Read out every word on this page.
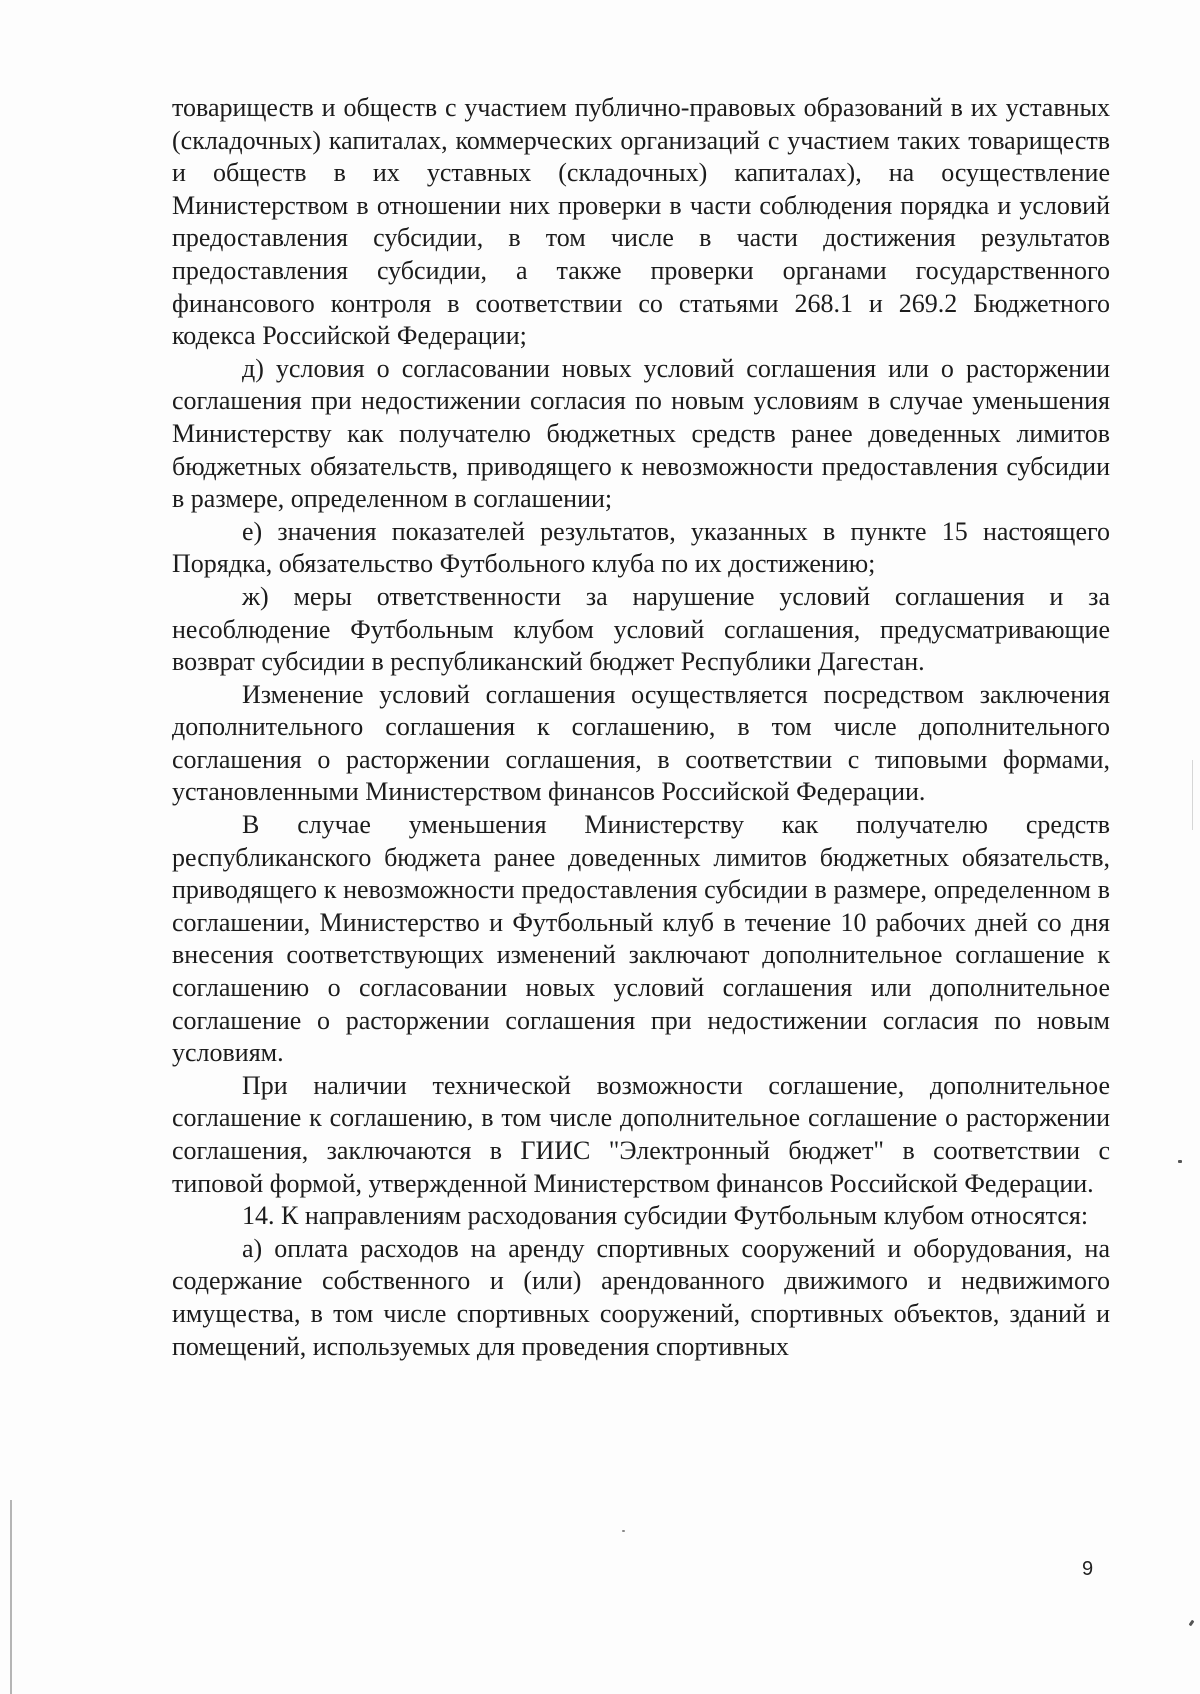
товариществ и обществ с участием публично-правовых образований в их уставных (складочных) капиталах, коммерческих организаций с участием таких товариществ и обществ в их уставных (складочных) капиталах), на осуществление Министерством в отношении них проверки в части соблюдения порядка и условий предоставления субсидии, в том числе в части достижения результатов предоставления субсидии, а также проверки органами государственного финансового контроля в соответствии со статьями 268.1 и 269.2 Бюджетного кодекса Российской Федерации;

д) условия о согласовании новых условий соглашения или о расторжении соглашения при недостижении согласия по новым условиям в случае уменьшения Министерству как получателю бюджетных средств ранее доведенных лимитов бюджетных обязательств, приводящего к невозможности предоставления субсидии в размере, определенном в соглашении;

е) значения показателей результатов, указанных в пункте 15 настоящего Порядка, обязательство Футбольного клуба по их достижению;

ж) меры ответственности за нарушение условий соглашения и за несоблюдение Футбольным клубом условий соглашения, предусматривающие возврат субсидии в республиканский бюджет Республики Дагестан.

Изменение условий соглашения осуществляется посредством заключения дополнительного соглашения к соглашению, в том числе дополнительного соглашения о расторжении соглашения, в соответствии с типовыми формами, установленными Министерством финансов Российской Федерации.

В случае уменьшения Министерству как получателю средств республиканского бюджета ранее доведенных лимитов бюджетных обязательств, приводящего к невозможности предоставления субсидии в размере, определенном в соглашении, Министерство и Футбольный клуб в течение 10 рабочих дней со дня внесения соответствующих изменений заключают дополнительное соглашение к соглашению о согласовании новых условий соглашения или дополнительное соглашение о расторжении соглашения при недостижении согласия по новым условиям.

При наличии технической возможности соглашение, дополнительное соглашение к соглашению, в том числе дополнительное соглашение о расторжении соглашения, заключаются в ГИИС "Электронный бюджет" в соответствии с типовой формой, утвержденной Министерством финансов Российской Федерации.

14. К направлениям расходования субсидии Футбольным клубом относятся:

а) оплата расходов на аренду спортивных сооружений и оборудования, на содержание собственного и (или) арендованного движимого и недвижимого имущества, в том числе спортивных сооружений, спортивных объектов, зданий и помещений, используемых для проведения спортивных

9
